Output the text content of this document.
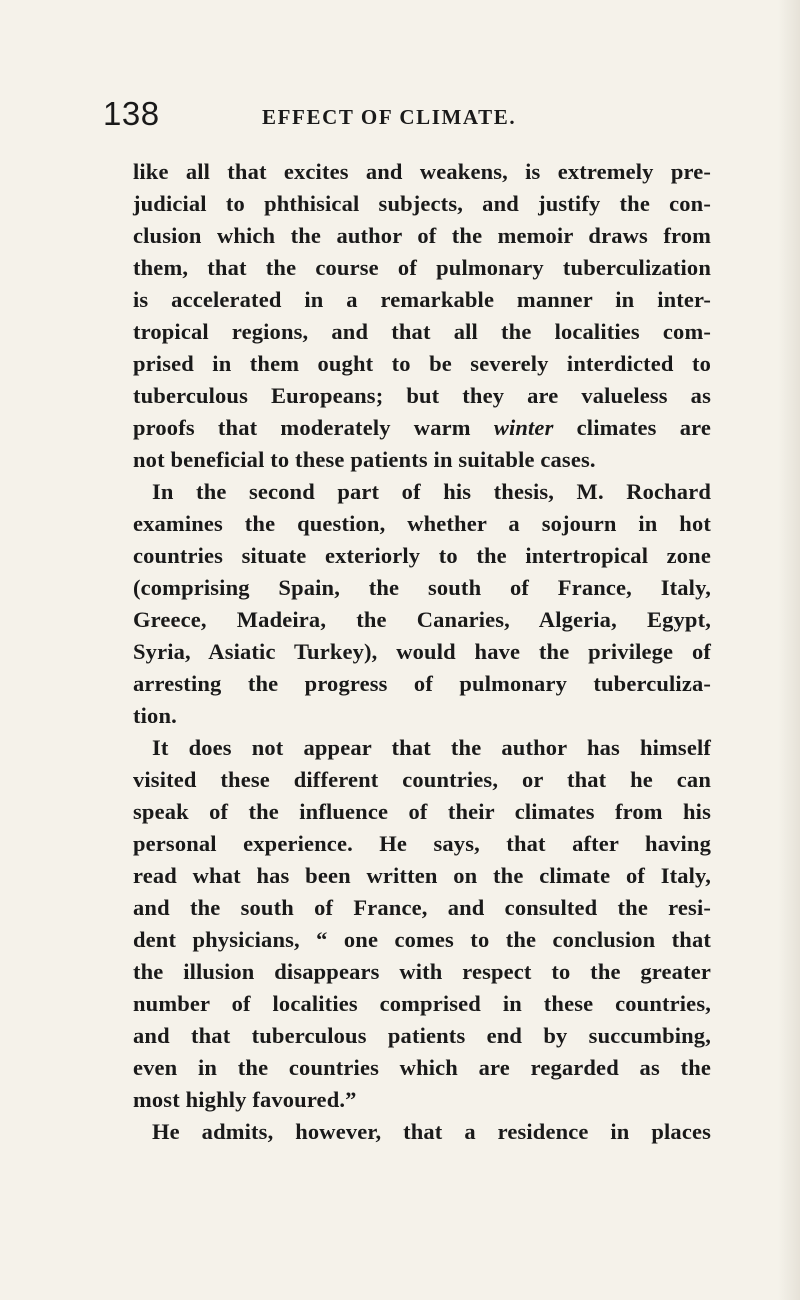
138	EFFECT OF CLIMATE.
like all that excites and weakens, is extremely pre-
judicial to phthisical subjects, and justify the con-
clusion which the author of the memoir draws from
them, that the course of pulmonary tuberculization
is accelerated in a remarkable manner in inter-
tropical regions, and that all the localities com-
prised in them ought to be severely interdicted to
tuberculous Europeans; but they are valueless as
proofs that moderately warm winter climates are
not beneficial to these patients in suitable cases.
In the second part of his thesis, M. Rochard
examines the question, whether a sojourn in hot
countries situate exteriorly to the intertropical zone
(comprising Spain, the south of France, Italy,
Greece, Madeira, the Canaries, Algeria, Egypt,
Syria, Asiatic Turkey), would have the privilege of
arresting the progress of pulmonary tuberculiza-
tion.
It does not appear that the author has himself
visited these different countries, or that he can
speak of the influence of their climates from his
personal experience. He says, that after having
read what has been written on the climate of Italy,
and the south of France, and consulted the resi-
dent physicians, “ one comes to the conclusion that
the illusion disappears with respect to the greater
number of localities comprised in these countries,
and that tuberculous patients end by succumbing,
even in the countries which are regarded as the
most highly favoured.”
He admits, however, that a residence in places
